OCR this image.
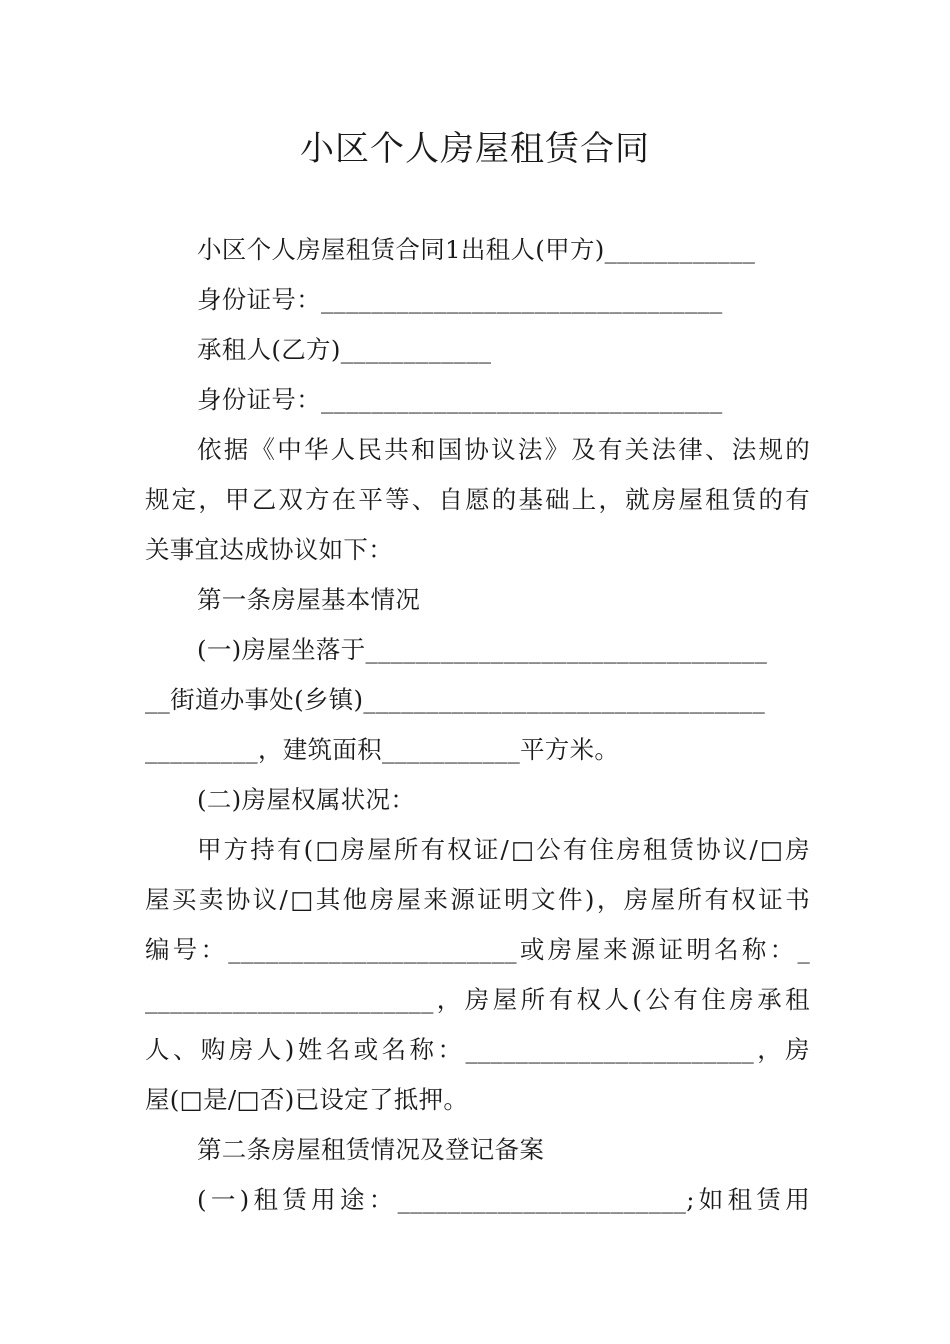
小区个人房屋租赁合同
小区个人房屋租赁合同1出租人(甲方)____________
身份证号：________________________________
承租人(乙方)____________
身份证号：________________________________
依据《中华人民共和国协议法》及有关法律、法规的
规定，甲乙双方在平等、自愿的基础上，就房屋租赁的有
关事宜达成协议如下：
第一条房屋基本情况
(一)房屋坐落于________________________________
__街道办事处(乡镇)________________________________
_________，建筑面积___________平方米。
(二)房屋权属状况：
甲方持有(□房屋所有权证/□公有住房租赁协议/□房
屋买卖协议/□其他房屋来源证明文件)，房屋所有权证书
编号：_______________________或房屋来源证明名称：_
_______________________，房屋所有权人(公有住房承租
人、购房人)姓名或名称：_______________________，房
屋(□是/□否)已设定了抵押。
第二条房屋租赁情况及登记备案
(一)租赁用途：_______________________;如租赁用
